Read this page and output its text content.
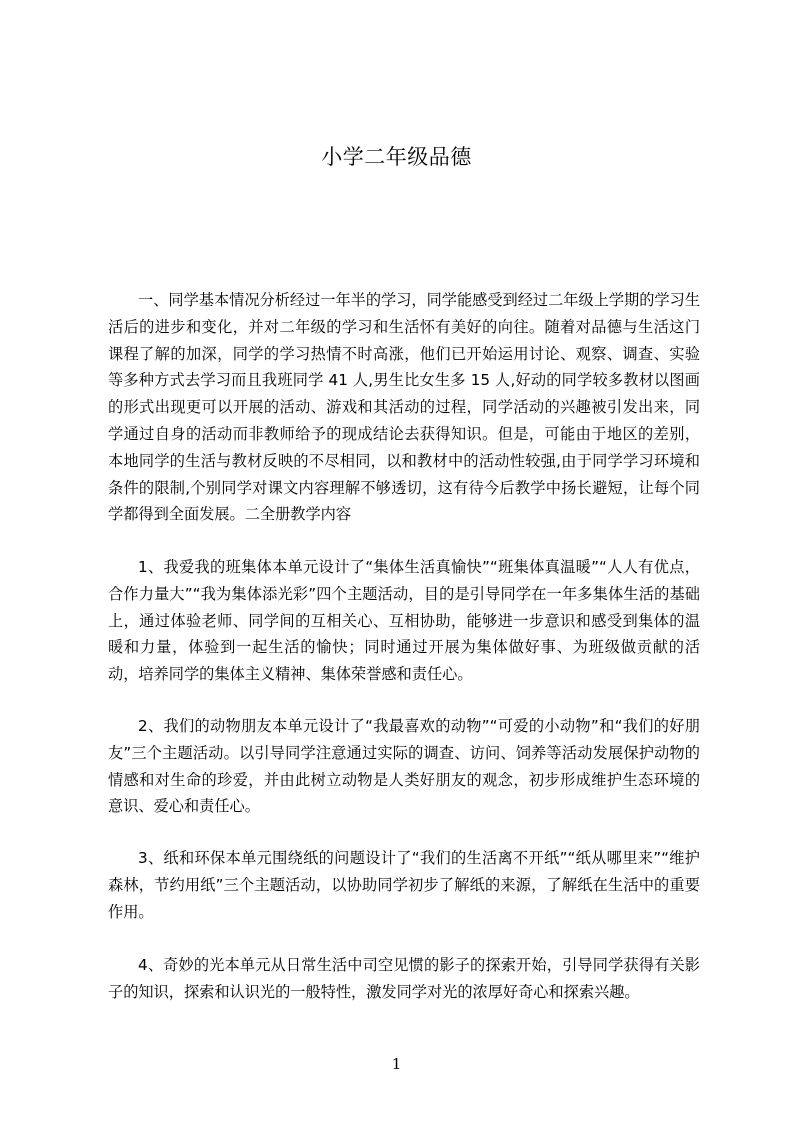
小学二年级品德

一、同学基本情况分析经过一年半的学习，同学能感受到经过二年级上学期的学习生活后的进步和变化，并对二年级的学习和生活怀有美好的向往。随着对品德与生活这门课程了解的加深，同学的学习热情不时高涨，他们已开始运用讨论、观察、调查、实验等多种方式去学习而且我班同学 41 人,男生比女生多 15 人,好动的同学较多教材以图画的形式出现更可以开展的活动、游戏和其活动的过程，同学活动的兴趣被引发出来，同学通过自身的活动而非教师给予的现成结论去获得知识。但是，可能由于地区的差别，本地同学的生活与教材反映的不尽相同，以和教材中的活动性较强,由于同学学习环境和条件的限制,个别同学对课文内容理解不够透切，这有待今后教学中扬长避短，让每个同学都得到全面发展。二全册教学内容

1、我爱我的班集体本单元设计了“集体生活真愉快”“班集体真温暖”“人人有优点，合作力量大”“我为集体添光彩”四个主题活动，目的是引导同学在一年多集体生活的基础上，通过体验老师、同学间的互相关心、互相协助，能够进一步意识和感受到集体的温暖和力量，体验到一起生活的愉快；同时通过开展为集体做好事、为班级做贡献的活动，培养同学的集体主义精神、集体荣誉感和责任心。

2、我们的动物朋友本单元设计了“我最喜欢的动物”“可爱的小动物”和“我们的好朋友”三个主题活动。以引导同学注意通过实际的调查、访问、饲养等活动发展保护动物的情感和对生命的珍爱，并由此树立动物是人类好朋友的观念，初步形成维护生态环境的意识、爱心和责任心。

3、纸和环保本单元围绕纸的问题设计了“我们的生活离不开纸”“纸从哪里来”“维护森林，节约用纸”三个主题活动，以协助同学初步了解纸的来源，了解纸在生活中的重要作用。

4、奇妙的光本单元从日常生活中司空见惯的影子的探索开始，引导同学获得有关影子的知识，探索和认识光的一般特性，激发同学对光的浓厚好奇心和探索兴趣。

1
